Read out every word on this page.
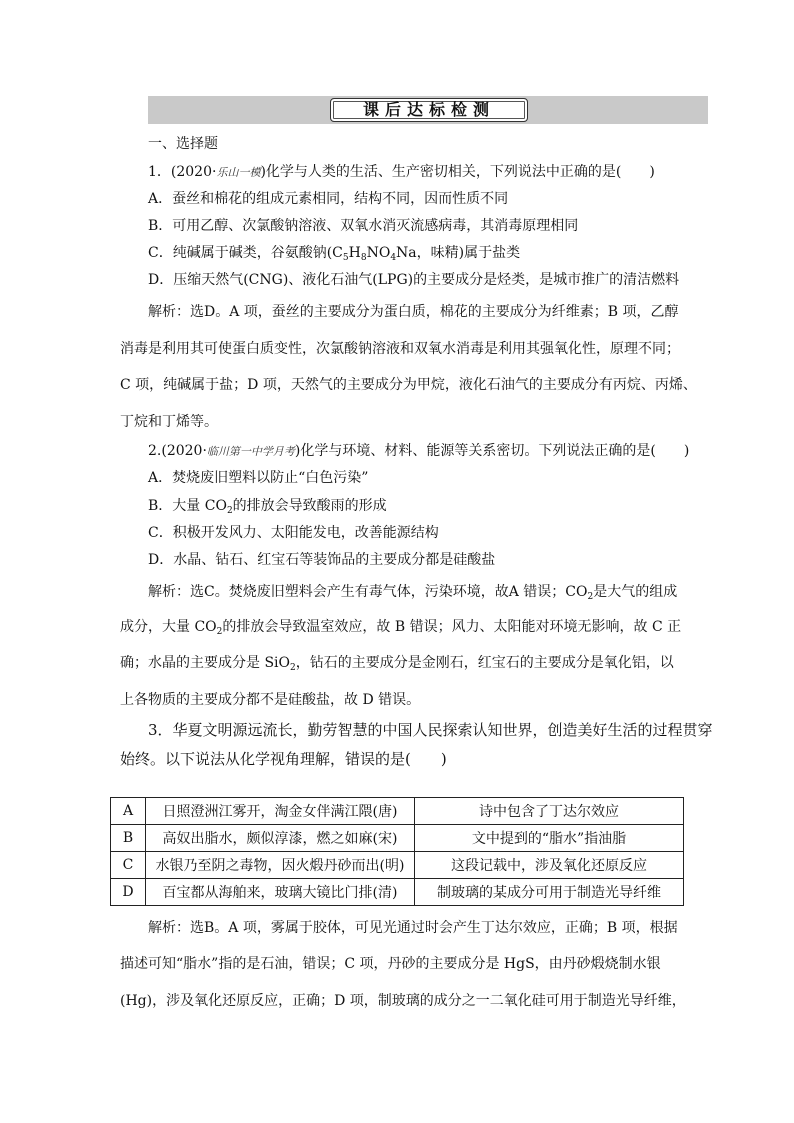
课后达标检测
一、选择题
1．(2020·乐山一模)化学与人类的生活、生产密切相关，下列说法中正确的是(　　)
A．蚕丝和棉花的组成元素相同，结构不同，因而性质不同
B．可用乙醇、次氯酸钠溶液、双氧水消灭流感病毒，其消毒原理相同
C．纯碱属于碱类，谷氨酸钠($C_5H_8NO_4Na$，味精)属于盐类
D．压缩天然气(CNG)、液化石油气(LPG)的主要成分是烃类，是城市推广的清洁燃料
解析：选D。A 项，蚕丝的主要成分为蛋白质，棉花的主要成分为纤维素；B 项，乙醇
消毒是利用其可使蛋白质变性，次氯酸钠溶液和双氧水消毒是利用其强氧化性，原理不同；
C 项，纯碱属于盐；D 项，天然气的主要成分为甲烷，液化石油气的主要成分有丙烷、丙烯、
丁烷和丁烯等。
2.(2020·临川第一中学月考)化学与环境、材料、能源等关系密切。下列说法正确的是(　　)
A．焚烧废旧塑料以防止“白色污染”
B．大量 $CO_2$的排放会导致酸雨的形成
C．积极开发风力、太阳能发电，改善能源结构
D．水晶、钻石、红宝石等装饰品的主要成分都是硅酸盐
解析：选C。焚烧废旧塑料会产生有毒气体，污染环境，故A 错误；$CO_2$是大气的组成
成分，大量 $CO_2$的排放会导致温室效应，故 B 错误；风力、太阳能对环境无影响，故 C 正
确；水晶的主要成分是 SiO$_2$，钻石的主要成分是金刚石，红宝石的主要成分是氧化铝，以
上各物质的主要成分都不是硅酸盐，故 D 错误。
3．华夏文明源远流长，勤劳智慧的中国人民探索认知世界，创造美好生活的过程贯穿
始终。以下说法从化学视角理解，错误的是(　　)
A	日照澄洲江雾开，淘金女伴满江隈(唐)	诗中包含了丁达尔效应
B	高奴出脂水，颇似淳漆，燃之如麻(宋)	文中提到的“脂水”指油脂
C	水银乃至阴之毒物，因火煅丹砂而出(明)	这段记载中，涉及氧化还原反应
D	百宝都从海舶来，玻璃大镜比门排(清)	制玻璃的某成分可用于制造光导纤维
解析：选B。A 项，雾属于胶体，可见光通过时会产生丁达尔效应，正确；B 项，根据
描述可知“脂水”指的是石油，错误；C 项，丹砂的主要成分是 HgS，由丹砂煅烧制水银
(Hg)，涉及氧化还原反应，正确；D 项，制玻璃的成分之一二氧化硅可用于制造光导纤维，
